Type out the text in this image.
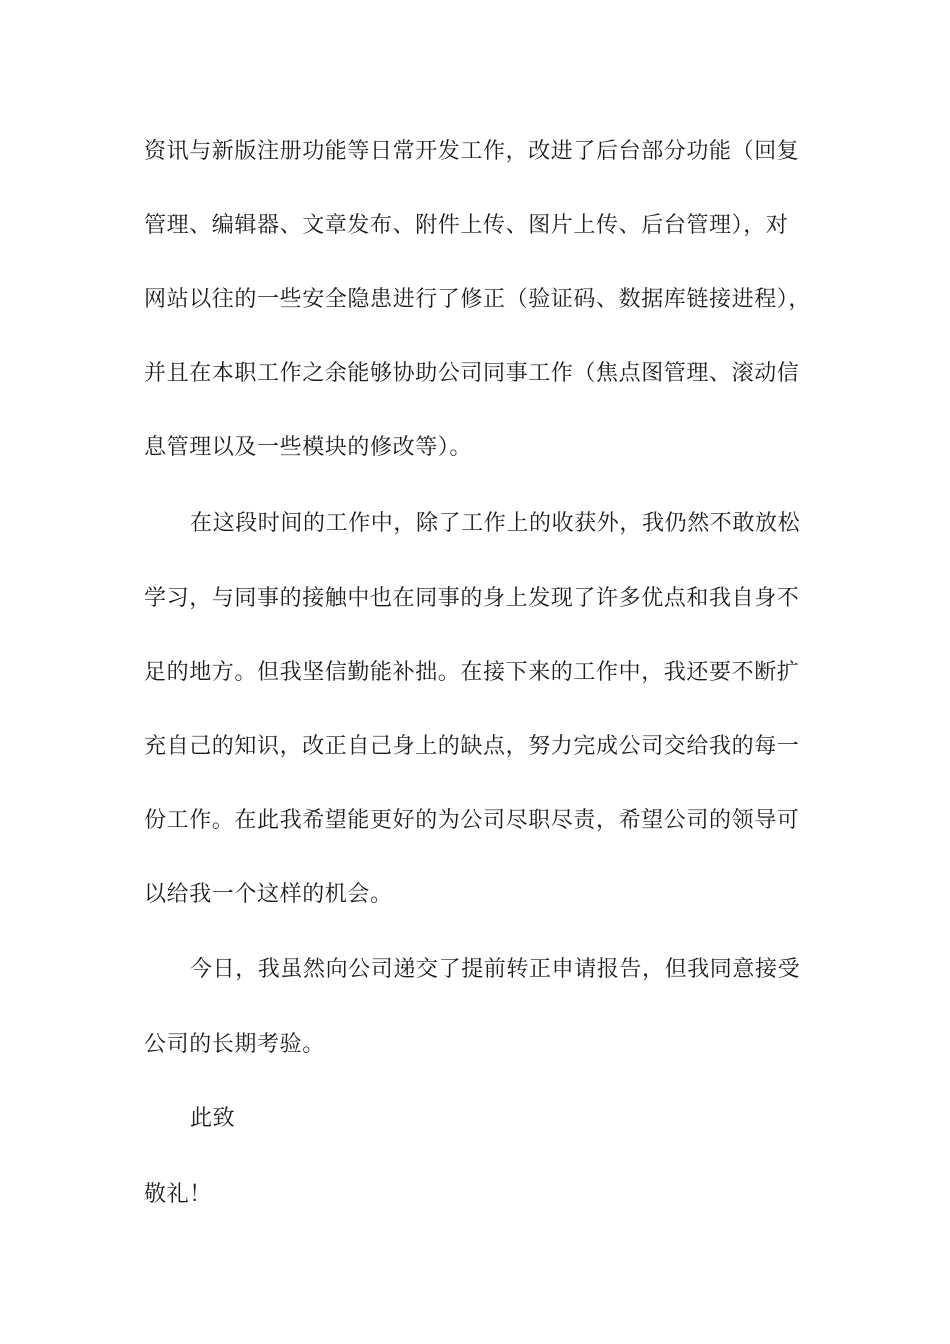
资讯与新版注册功能等日常开发工作，改进了后台部分功能（回复
管理、编辑器、文章发布、附件上传、图片上传、后台管理），对
网站以往的一些安全隐患进行了修正（验证码、数据库链接进程），
并且在本职工作之余能够协助公司同事工作（焦点图管理、滚动信
息管理以及一些模块的修改等）。
在这段时间的工作中，除了工作上的收获外，我仍然不敢放松
学习，与同事的接触中也在同事的身上发现了许多优点和我自身不
足的地方。但我坚信勤能补拙。在接下来的工作中，我还要不断扩
充自己的知识，改正自己身上的缺点，努力完成公司交给我的每一
份工作。在此我希望能更好的为公司尽职尽责，希望公司的领导可
以给我一个这样的机会。
今日，我虽然向公司递交了提前转正申请报告，但我同意接受
公司的长期考验。
此致
敬礼！
